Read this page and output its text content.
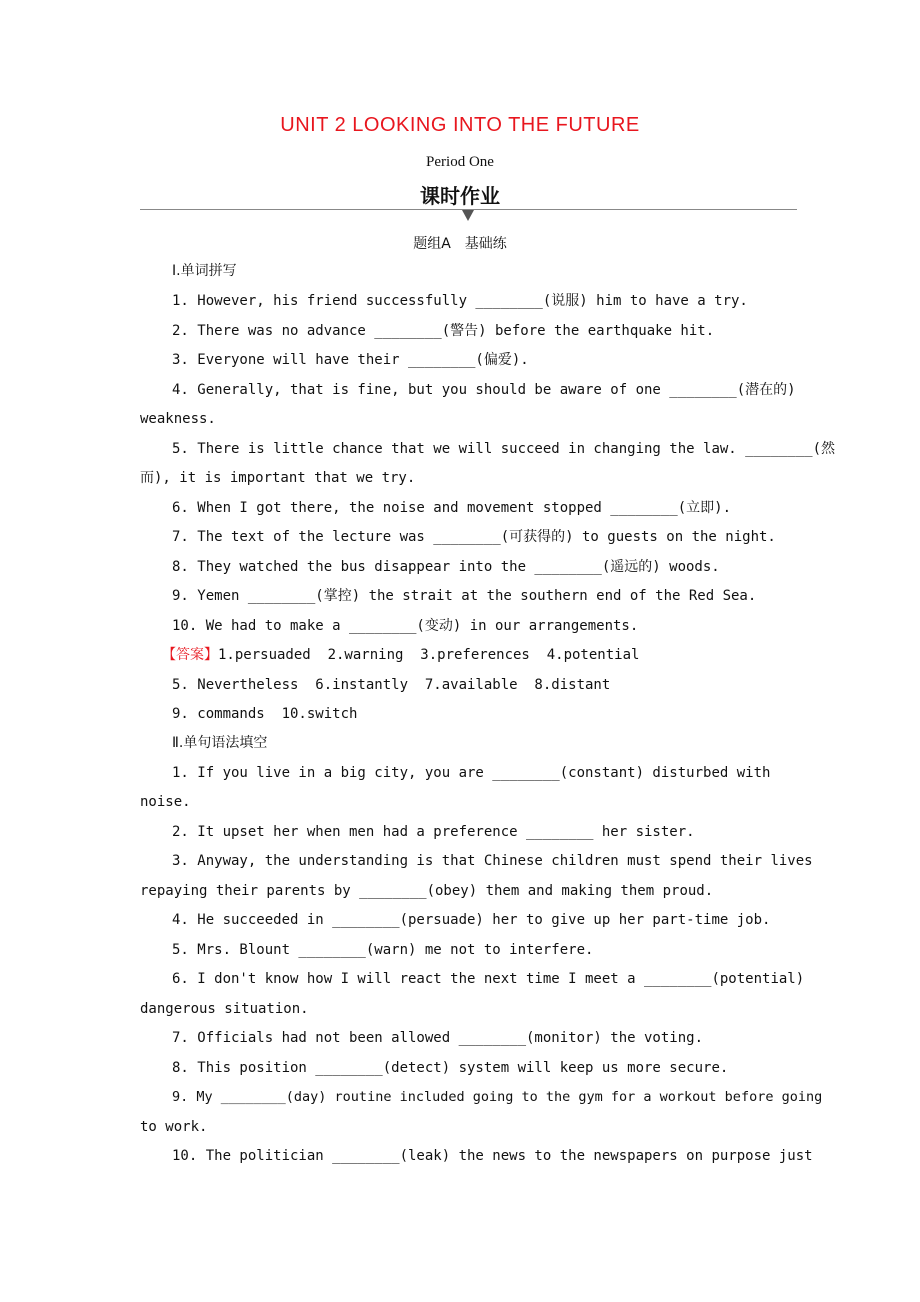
UNIT 2 LOOKING INTO THE FUTURE
Period One
课时作业
题组A　基础练
Ⅰ.单词拼写
1. However, his friend successfully ________(说服) him to have a try.
2. There was no advance ________(警告) before the earthquake hit.
3. Everyone will have their ________(偏爱).
4. Generally, that is fine, but you should be aware of one ________(潜在的)
weakness.
5. There is little chance that we will succeed in changing the law. ________(然
而), it is important that we try.
6. When I got there, the noise and movement stopped ________(立即).
7. The text of the lecture was ________(可获得的) to guests on the night.
8. They watched the bus disappear into the ________(遥远的) woods.
9. Yemen ________(掌控) the strait at the southern end of the Red Sea.
10. We had to make a ________(变动) in our arrangements.
【答案】1.persuaded  2.warning  3.preferences  4.potential
5. Nevertheless  6.instantly  7.available  8.distant
9. commands  10.switch
Ⅱ.单句语法填空
1. If you live in a big city, you are ________(constant) disturbed with
noise.
2. It upset her when men had a preference ________ her sister.
3. Anyway, the understanding is that Chinese children must spend their lives
repaying their parents by ________(obey) them and making them proud.
4. He succeeded in ________(persuade) her to give up her part-time job.
5. Mrs. Blount ________(warn) me not to interfere.
6. I don't know how I will react the next time I meet a ________(potential)
dangerous situation.
7. Officials had not been allowed ________(monitor) the voting.
8. This position ________(detect) system will keep us more secure.
9. My ________(day) routine included going to the gym for a workout before going
to work.
10. The politician ________(leak) the news to the newspapers on purpose just
